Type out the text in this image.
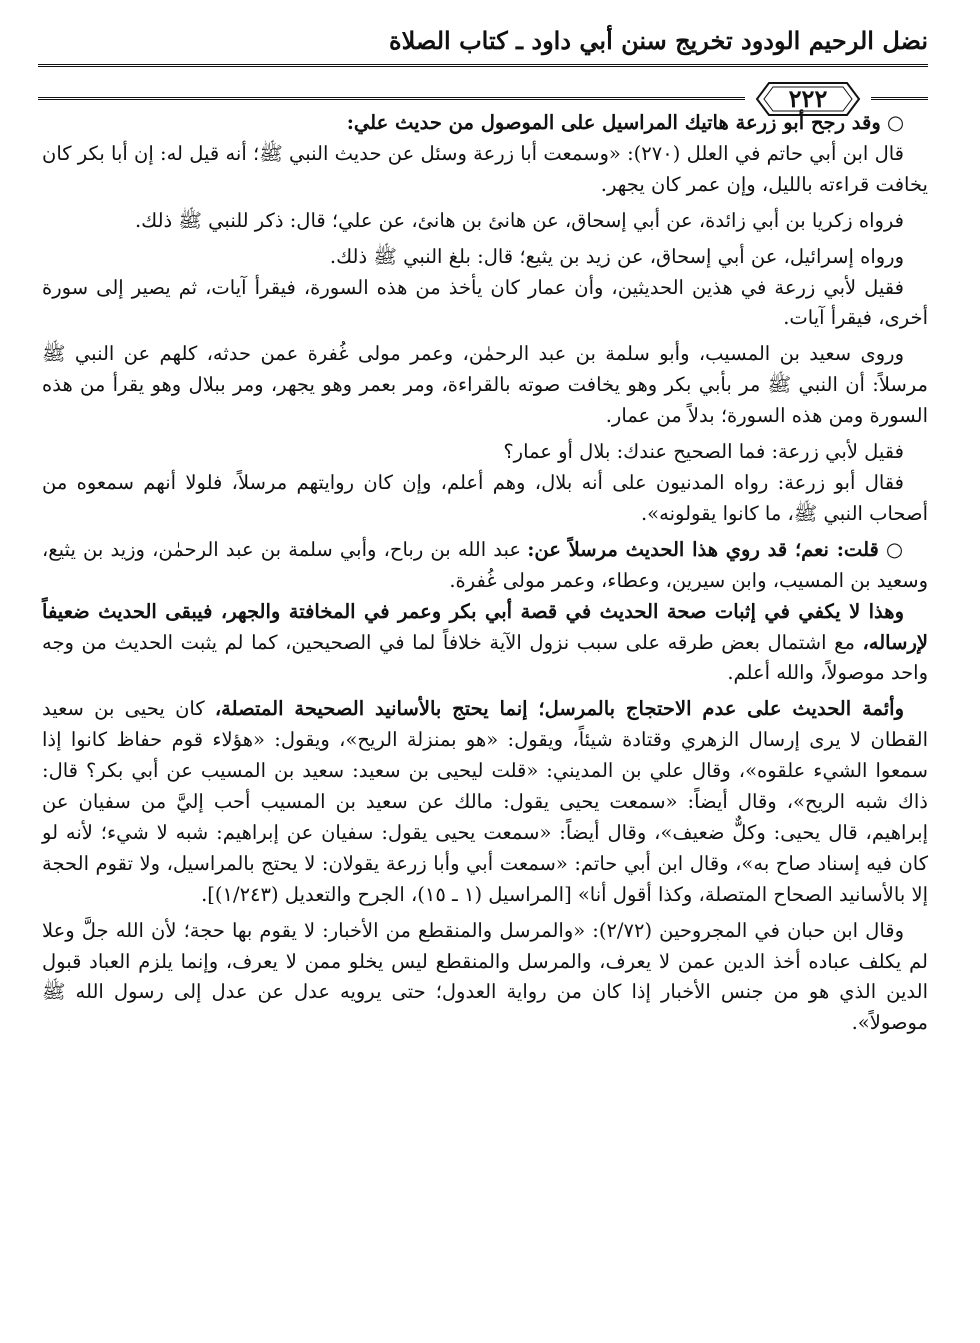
نضل الرحيم الودود تخريج سنن أبي داود ـ كتاب الصلاة
٢٢٢

○ وقد رجح أبو زرعة هاتيك المراسيل على الموصول من حديث علي:

قال ابن أبي حاتم في العلل (٢٧٠): «وسمعت أبا زرعة وسئل عن حديث النبي ﷺ؛ أنه قيل له: إن أبا بكر كان يخافت قراءته بالليل، وإن عمر كان يجهر.

فرواه زكريا بن أبي زائدة، عن أبي إسحاق، عن هانئ بن هانئ، عن علي؛ قال: ذكر للنبي ﷺ ذلك.

ورواه إسرائيل، عن أبي إسحاق، عن زيد بن يثيع؛ قال: بلغ النبي ﷺ ذلك.

فقيل لأبي زرعة في هذين الحديثين، وأن عمار كان يأخذ من هذه السورة، فيقرأ آيات، ثم يصير إلى سورة أخرى، فيقرأ آيات.

وروى سعيد بن المسيب، وأبو سلمة بن عبد الرحمٰن، وعمر مولى غُفرة عمن حدثه، كلهم عن النبي ﷺ مرسلاً: أن النبي ﷺ مر بأبي بكر وهو يخافت صوته بالقراءة، ومر بعمر وهو يجهر، ومر ببلال وهو يقرأ من هذه السورة ومن هذه السورة؛ بدلاً من عمار.

فقيل لأبي زرعة: فما الصحيح عندك: بلال أو عمار؟

فقال أبو زرعة: رواه المدنيون على أنه بلال، وهم أعلم، وإن كان روايتهم مرسلاً، فلولا أنهم سمعوه من أصحاب النبي ﷺ، ما كانوا يقولونه».

○ قلت: نعم؛ قد روي هذا الحديث مرسلاً عن: عبد الله بن رباح، وأبي سلمة بن عبد الرحمٰن، وزيد بن يثيع، وسعيد بن المسيب، وابن سيرين، وعطاء، وعمر مولى غُفرة.

وهذا لا يكفي في إثبات صحة الحديث في قصة أبي بكر وعمر في المخافتة والجهر، فيبقى الحديث ضعيفاً لإرساله، مع اشتمال بعض طرقه على سبب نزول الآية خلافاً لما في الصحيحين، كما لم يثبت الحديث من وجه واحد موصولاً، والله أعلم.

وأئمة الحديث على عدم الاحتجاج بالمرسل؛ إنما يحتج بالأسانيد الصحيحة المتصلة، كان يحيى بن سعيد القطان لا يرى إرسال الزهري وقتادة شيئاً، ويقول: «هو بمنزلة الريح»، ويقول: «هؤلاء قوم حفاظ كانوا إذا سمعوا الشيء علقوه»، وقال علي بن المديني: «قلت ليحيى بن سعيد: سعيد بن المسيب عن أبي بكر؟ قال: ذاك شبه الريح»، وقال أيضاً: «سمعت يحيى يقول: مالك عن سعيد بن المسيب أحب إليَّ من سفيان عن إبراهيم، قال يحيى: وكلٌّ ضعيف»، وقال أيضاً: «سمعت يحيى يقول: سفيان عن إبراهيم: شبه لا شيء؛ لأنه لو كان فيه إسناد صاح به»، وقال ابن أبي حاتم: «سمعت أبي وأبا زرعة يقولان: لا يحتج بالمراسيل، ولا تقوم الحجة إلا بالأسانيد الصحاح المتصلة، وكذا أقول أنا» [المراسيل (١ ـ ١٥)، الجرح والتعديل (١/٢٤٣)].

وقال ابن حبان في المجروحين (٢/٧٢): «والمرسل والمنقطع من الأخبار: لا يقوم بها حجة؛ لأن الله جلَّ وعلا لم يكلف عباده أخذ الدين عمن لا يعرف، والمرسل والمنقطع ليس يخلو ممن لا يعرف، وإنما يلزم العباد قبول الدين الذي هو من جنس الأخبار إذا كان من رواية العدول؛ حتى يرويه عدل عن عدل إلى رسول الله ﷺ موصولاً».
